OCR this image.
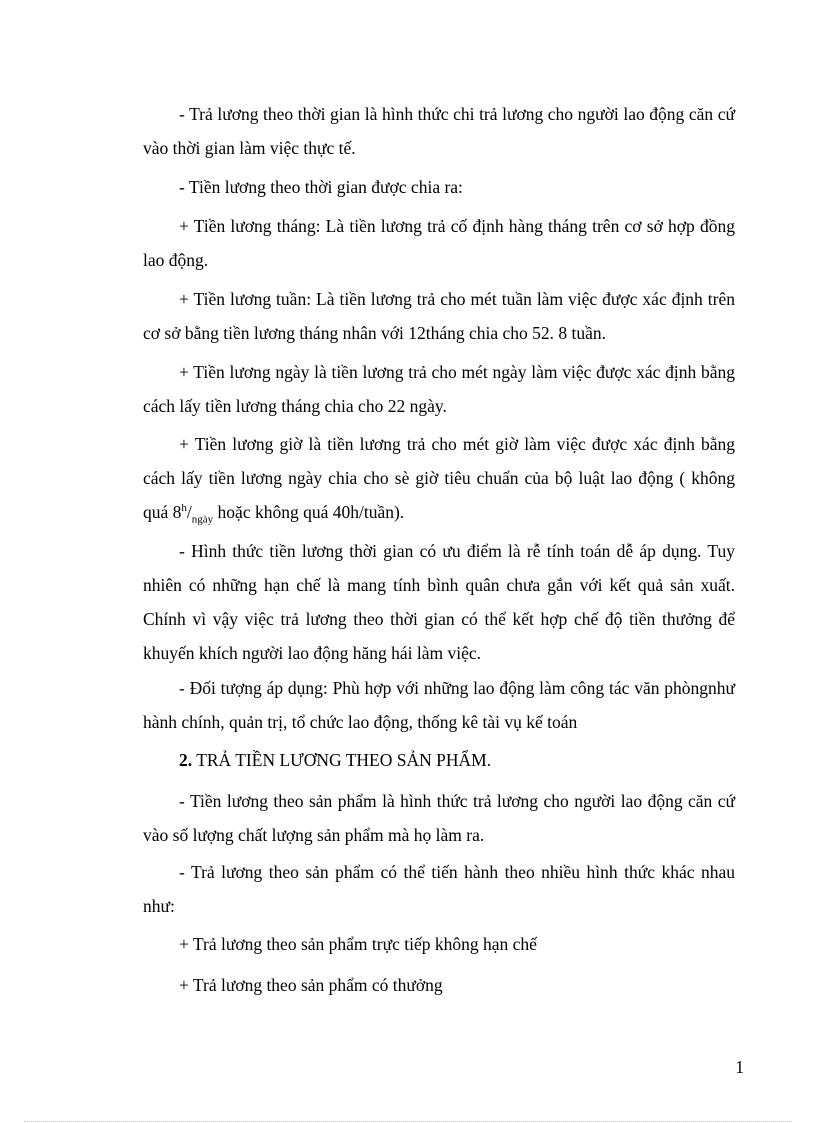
- Trả lương theo thời gian là hình thức chi trả lương cho người lao động căn cứ vào thời gian làm việc thực tế.

- Tiền lương theo thời gian được chia ra:

+ Tiền lương tháng: Là tiền lương trả cố định hàng tháng trên cơ sở hợp đồng lao động.

+ Tiền lương tuần: Là tiền lương trả cho mét tuần làm việc được xác định trên cơ sở bằng tiền lương tháng nhân với 12tháng chia cho 52. 8 tuần.

+ Tiền lương ngày là tiền lương trả cho mét ngày làm việc được xác định bằng cách lấy tiền lương tháng chia cho 22 ngày.

+ Tiền lương giờ là tiền lương trả cho mét giờ làm việc được xác định bằng cách lấy tiền lương ngày chia cho sè giờ tiêu chuẩn của bộ luật lao động ( không quá $8^h/_{ngày}$ hoặc không quá 40h/tuần).

- Hình thức tiền lương thời gian có ưu điểm là rễ tính toán dễ áp dụng. Tuy nhiên có những hạn chế là mang tính bình quân chưa gắn với kết quả sản xuất. Chính vì vậy việc trả lương theo thời gian có thể kết hợp chế độ tiền thưởng để khuyến khích người lao động hăng hái làm việc.

- Đối tượng áp dụng: Phù hợp với những lao động làm công tác văn phòngnhư hành chính, quản trị, tổ chức lao động, thống kê tài vụ kế toán

2. TRẢ TIỀN LƯƠNG THEO SẢN PHẨM.

- Tiền lương theo sản phẩm là hình thức trả lương cho người lao động căn cứ vào số lượng chất lượng sản phẩm mà họ làm ra.

- Trả lương theo sản phẩm có thể tiến hành theo nhiều hình thức khác nhau như:

+ Trả lương theo sản phẩm trực tiếp không hạn chế

+ Trả lương theo sản phẩm có thưởng

1
